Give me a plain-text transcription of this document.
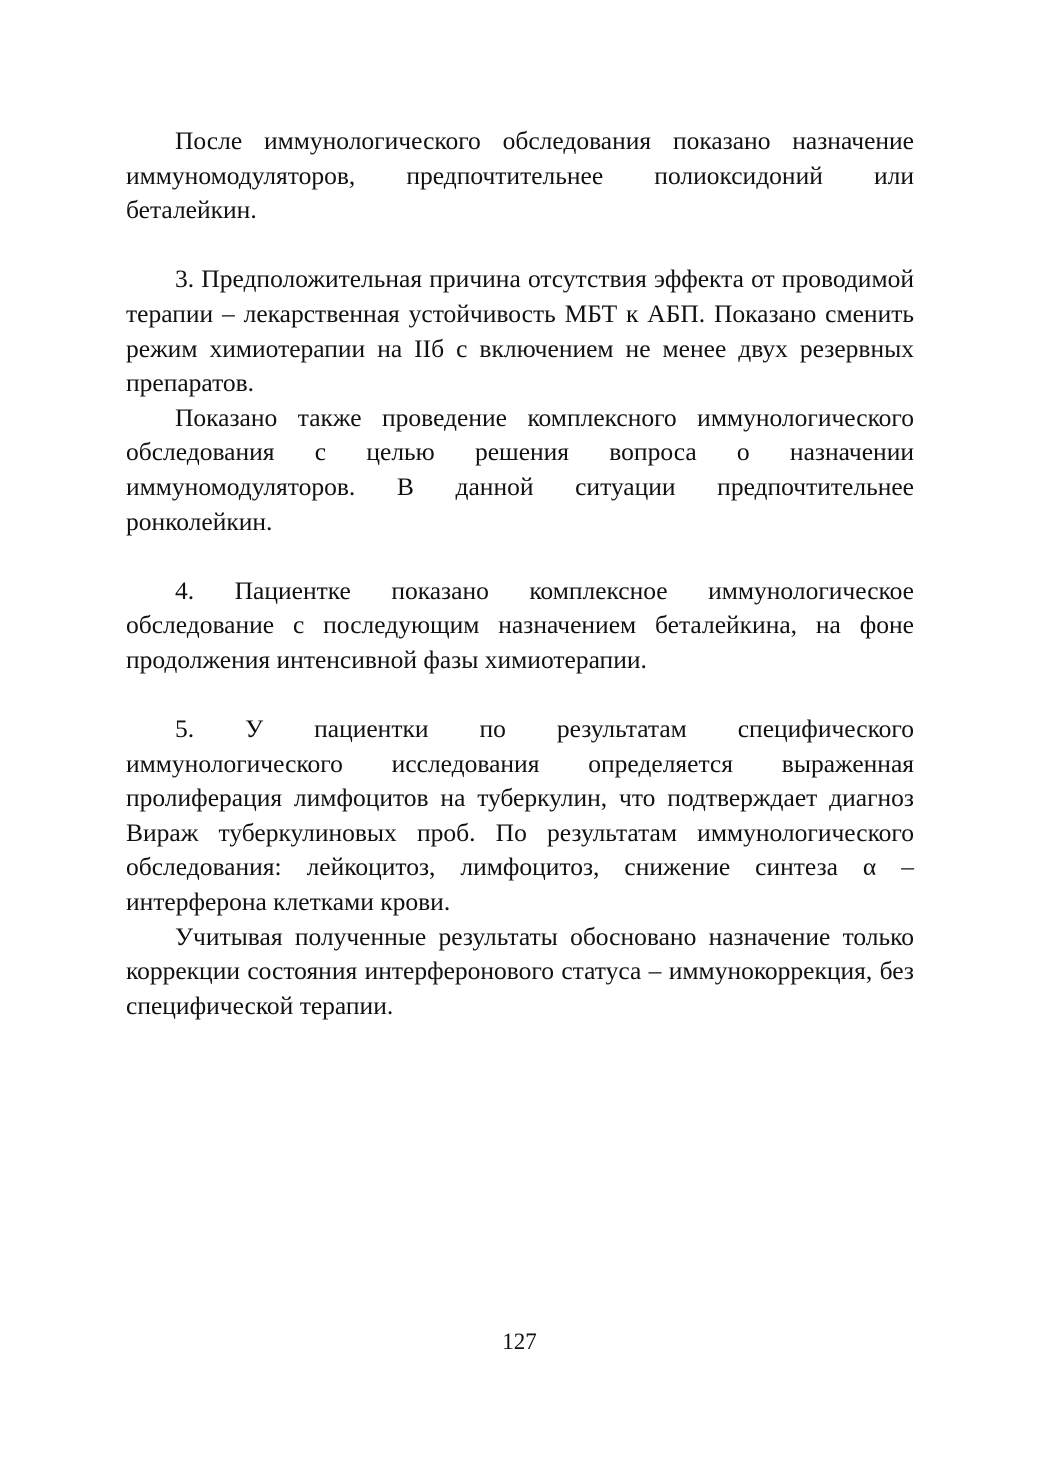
После иммунологического обследования показано назначение иммуномодуляторов, предпочтительнее полиоксидоний или беталейкин.

3. Предположительная причина отсутствия эффекта от проводимой терапии – лекарственная устойчивость МБТ к АБП. Показано сменить режим химиотерапии на IIб с включением не менее двух резервных препаратов.

Показано также проведение комплексного иммунологического обследования с целью решения вопроса о назначении иммуномодуляторов. В данной ситуации предпочтительнее ронколейкин.

4. Пациентке показано комплексное иммунологическое обследование с последующим назначением беталейкина, на фоне продолжения интенсивной фазы химиотерапии.

5. У пациентки по результатам специфического иммунологического исследования определяется выраженная пролиферация лимфоцитов на туберкулин, что подтверждает диагноз Вираж туберкулиновых проб. По результатам иммунологического обследования: лейкоцитоз, лимфоцитоз, снижение синтеза α – интерферона клетками крови.

Учитывая полученные результаты обосновано назначение только коррекции состояния интерферонового статуса – иммунокоррекция, без специфической терапии.

127
